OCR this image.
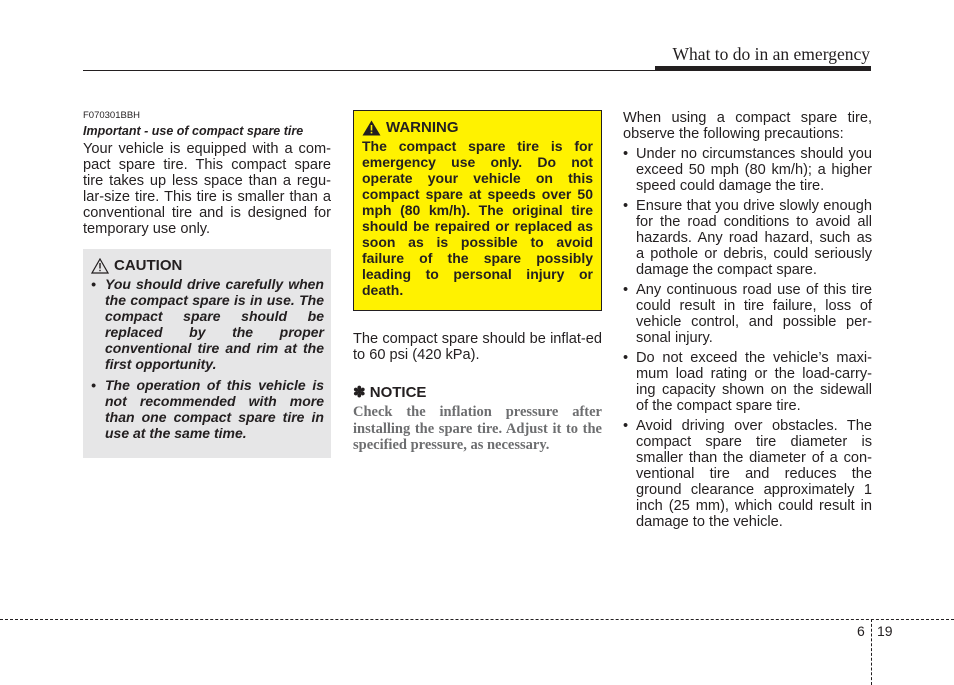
What to do in an emergency
F070301BBH
Important - use of compact spare tire
Your vehicle is equipped with a com-pact spare tire. This compact spare tire takes up less space than a regu-lar-size tire. This tire is smaller than a conventional tire and is designed for temporary use only.
CAUTION
• You should drive carefully when the compact spare is in use. The compact spare should be replaced by the proper conventional tire and rim at the first opportunity.
• The operation of this vehicle is not recommended with more than one compact spare tire in use at the same time.
WARNING
The compact spare tire is for emergency use only. Do not operate your vehicle on this compact spare at speeds over 50 mph (80 km/h). The original tire should be repaired or replaced as soon as is possible to avoid failure of the spare possibly leading to personal injury or death.
The compact spare should be inflat-ed to 60 psi (420 kPa).
✽ NOTICE
Check the inflation pressure after installing the spare tire. Adjust it to the specified pressure, as necessary.
When using a compact spare tire, observe the following precautions:
• Under no circumstances should you exceed 50 mph (80 km/h); a higher speed could damage the tire.
• Ensure that you drive slowly enough for the road conditions to avoid all hazards. Any road hazard, such as a pothole or debris, could seriously damage the compact spare.
• Any continuous road use of this tire could result in tire failure, loss of vehicle control, and possible per-sonal injury.
• Do not exceed the vehicle’s maxi-mum load rating or the load-carry-ing capacity shown on the sidewall of the compact spare tire.
• Avoid driving over obstacles. The compact spare tire diameter is smaller than the diameter of a con-ventional tire and reduces the ground clearance approximately 1 inch (25 mm), which could result in damage to the vehicle.
6 19
